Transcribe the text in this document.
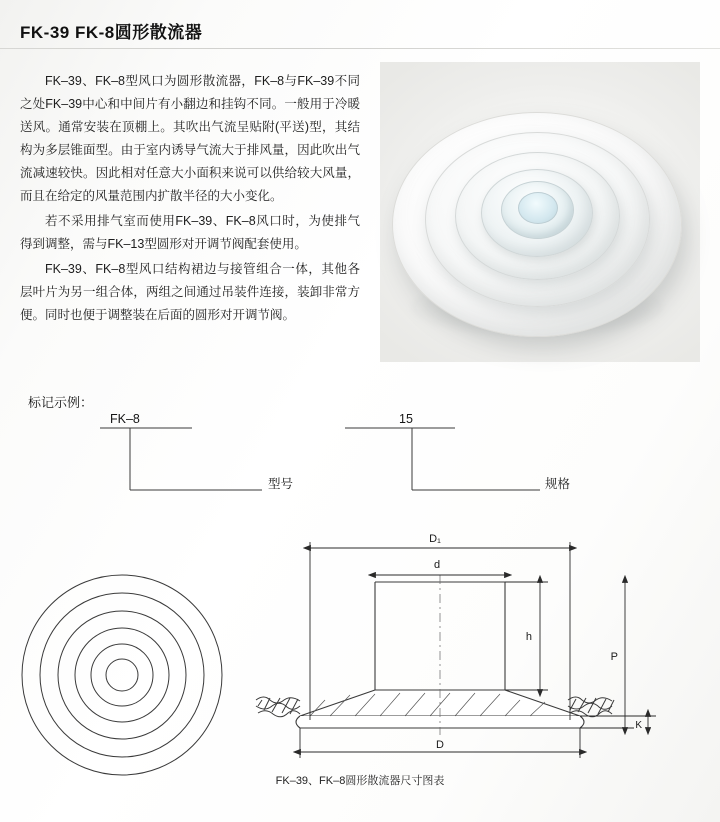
FK-39 FK-8圆形散流器

FK–39、FK–8型风口为圆形散流器，FK–8与FK–39不同之处FK–39中心和中间片有小翻边和挂钩不同。一般用于冷暖送风。通常安装在顶棚上。其吹出气流呈贴附(平送)型，其结构为多层锥面型。由于室内诱导气流大于排风量，因此吹出气流减速较快。因此相对任意大小面积来说可以供给较大风量，而且在给定的风量范围内扩散半径的大小变化。

若不采用排气室而使用FK–39、FK–8风口时，为使排气得到调整，需与FK–13型圆形对开调节阀配套使用。

FK–39、FK–8型风口结构裙边与接管组合一体，其他各层叶片为另一组合体，两组之间通过吊装件连接，装卸非常方便。同时也便于调整装在后面的圆形对开调节阀。

标记示例：
FK–8	15
型号	规格
D₁
d
h
P
K
D
FK–39、FK–8圆形散流器尺寸图表
